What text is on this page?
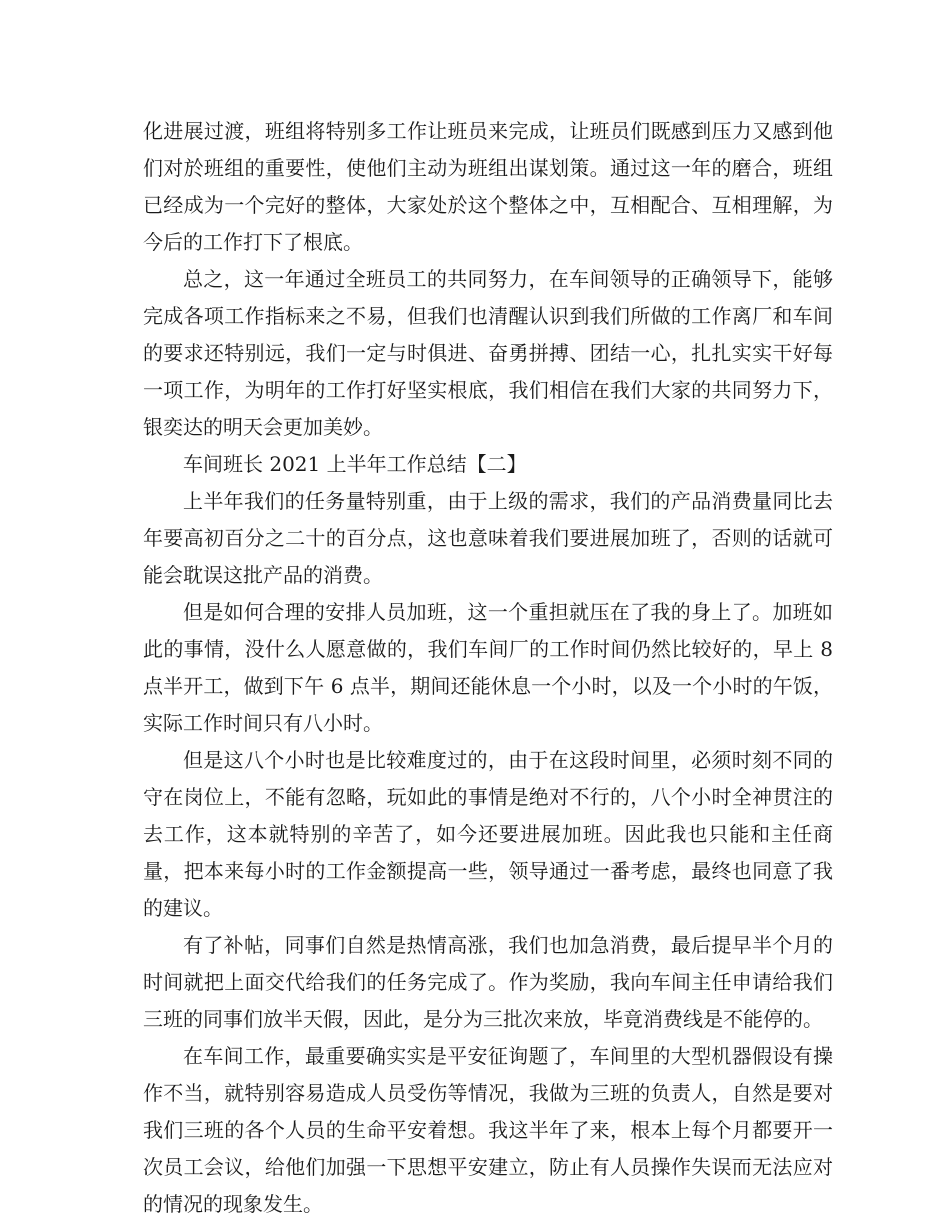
化进展过渡，班组将特别多工作让班员来完成，让班员们既感到压力又感到他们对於班组的重要性，使他们主动为班组出谋划策。通过这一年的磨合，班组已经成为一个完好的整体，大家处於这个整体之中，互相配合、互相理解，为今后的工作打下了根底。

总之，这一年通过全班员工的共同努力，在车间领导的正确领导下，能够完成各项工作指标来之不易，但我们也清醒认识到我们所做的工作离厂和车间的要求还特别远，我们一定与时俱进、奋勇拼搏、团结一心，扎扎实实干好每一项工作，为明年的工作打好坚实根底，我们相信在我们大家的共同努力下，银奕达的明天会更加美妙。

车间班长 2021 上半年工作总结【二】

上半年我们的任务量特别重，由于上级的需求，我们的产品消费量同比去年要高初百分之二十的百分点，这也意味着我们要进展加班了，否则的话就可能会耽误这批产品的消费。

但是如何合理的安排人员加班，这一个重担就压在了我的身上了。加班如此的事情，没什么人愿意做的，我们车间厂的工作时间仍然比较好的，早上 8 点半开工，做到下午 6 点半，期间还能休息一个小时，以及一个小时的午饭，实际工作时间只有八小时。

但是这八个小时也是比较难度过的，由于在这段时间里，必须时刻不同的守在岗位上，不能有忽略，玩如此的事情是绝对不行的，八个小时全神贯注的去工作，这本就特别的辛苦了，如今还要进展加班。因此我也只能和主任商量，把本来每小时的工作金额提高一些，领导通过一番考虑，最终也同意了我的建议。

有了补帖，同事们自然是热情高涨，我们也加急消费，最后提早半个月的时间就把上面交代给我们的任务完成了。作为奖励，我向车间主任申请给我们三班的同事们放半天假，因此，是分为三批次来放，毕竟消费线是不能停的。

在车间工作，最重要确实实是平安征询题了，车间里的大型机器假设有操作不当，就特别容易造成人员受伤等情况，我做为三班的负责人，自然是要对我们三班的各个人员的生命平安着想。我这半年了来，根本上每个月都要开一次员工会议，给他们加强一下思想平安建立，防止有人员操作失误而无法应对的情况的现象发生。
